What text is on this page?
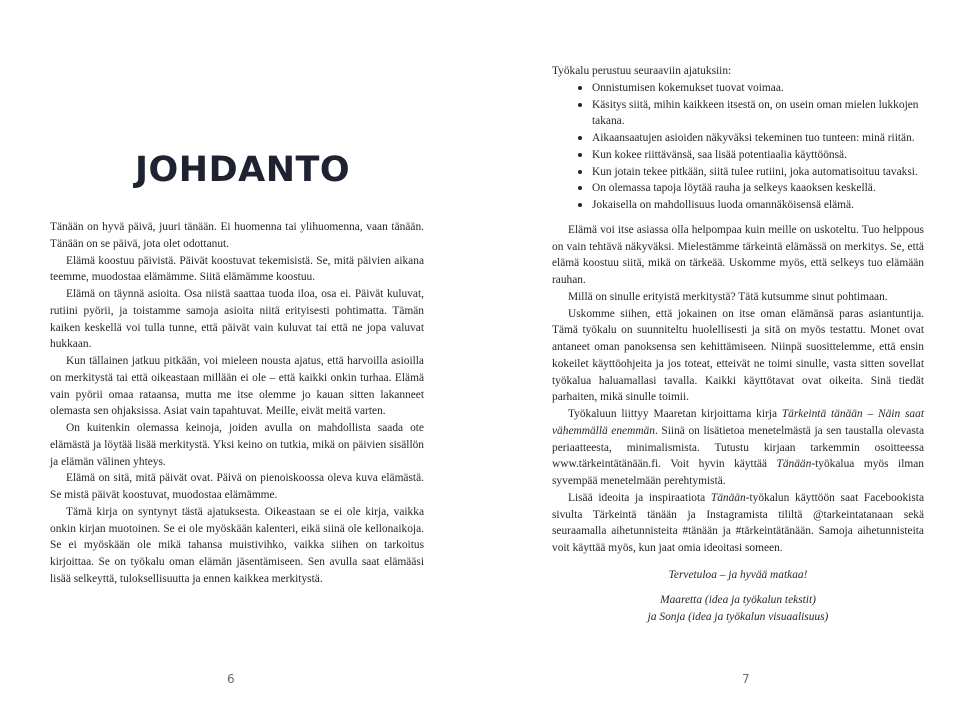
JOHDANTO

Tänään on hyvä päivä, juuri tänään. Ei huomenna tai ylihuomenna, vaan tänään. Tänään on se päivä, jota olet odottanut.

Elämä koostuu päivistä. Päivät koostuvat tekemisistä. Se, mitä päivien aikana teemme, muodostaa elämämme. Siitä elämämme koostuu.

Elämä on täynnä asioita. Osa niistä saattaa tuoda iloa, osa ei. Päivät kuluvat, rutiini pyörii, ja toistamme samoja asioita niitä erityisesti pohtimatta. Tämän kaiken keskellä voi tulla tunne, että päivät vain kuluvat tai että ne jopa valuvat hukkaan.

Kun tällainen jatkuu pitkään, voi mieleen nousta ajatus, että harvoilla asioilla on merkitystä tai että oikeastaan millään ei ole – että kaikki onkin turhaa. Elämä vain pyörii omaa rataansa, mutta me itse olemme jo kauan sitten lakanneet olemasta sen ohjaksissa. Asiat vain tapahtuvat. Meille, eivät meitä varten.

On kuitenkin olemassa keinoja, joiden avulla on mahdollista saada ote elämästä ja löytää lisää merkitystä. Yksi keino on tutkia, mikä on päivien sisällön ja elämän välinen yhteys.

Elämä on sitä, mitä päivät ovat. Päivä on pienoiskoossa oleva kuva elämästä. Se mistä päivät koostuvat, muodostaa elämämme.

Tämä kirja on syntynyt tästä ajatuksesta. Oikeastaan se ei ole kirja, vaikka onkin kirjan muotoinen. Se ei ole myöskään kalenteri, eikä siinä ole kellonaikoja. Se ei myöskään ole mikä tahansa muistivihko, vaikka siihen on tarkoitus kirjoittaa. Se on työkalu oman elämän jäsentämiseen. Sen avulla saat elämääsi lisää selkeyttä, tuloksellisuutta ja ennen kaikkea merkitystä.

6

Työkalu perustuu seuraaviin ajatuksiin:

Onnistumisen kokemukset tuovat voimaa.
Käsitys siitä, mihin kaikkeen itsestä on, on usein oman mielen lukkojen takana.
Aikaansaatujen asioiden näkyväksi tekeminen tuo tunteen: minä riitän.
Kun kokee riittävänsä, saa lisää potentiaalia käyttöönsä.
Kun jotain tekee pitkään, siitä tulee rutiini, joka automatisoituu tavaksi.
On olemassa tapoja löytää rauha ja selkeys kaaoksen keskellä.
Jokaisella on mahdollisuus luoda omannäköisensä elämä.

Elämä voi itse asiassa olla helpompaa kuin meille on uskoteltu. Tuo helppous on vain tehtävä näkyväksi. Mielestämme tärkeintä elämässä on merkitys. Se, että elämä koostuu siitä, mikä on tärkeää. Uskomme myös, että selkeys tuo elämään rauhan.

Millä on sinulle erityistä merkitystä? Tätä kutsumme sinut pohtimaan.

Uskomme siihen, että jokainen on itse oman elämänsä paras asiantuntija. Tämä työkalu on suunniteltu huolellisesti ja sitä on myös testattu. Monet ovat antaneet oman panoksensa sen kehittämiseen. Niinpä suosittelemme, että ensin kokeilet käyttöohjeita ja jos toteat, etteivät ne toimi sinulle, vasta sitten sovellat työkalua haluamallasi tavalla. Kaikki käyttötavat ovat oikeita. Sinä tiedät parhaiten, mikä sinulle toimii.

Työkaluun liittyy Maaretan kirjoittama kirja Tärkeintä tänään – Näin saat vähemmällä enemmän. Siinä on lisätietoa menetelmästä ja sen taustalla olevasta periaatteesta, minimalismista. Tutustu kirjaan tarkemmin osoitteessa www.tärkeintätänään.fi. Voit hyvin käyttää Tänään-työkalua myös ilman syvempää menetelmään perehtymistä.

Lisää ideoita ja inspiraatiota Tänään-työkalun käyttöön saat Facebookista sivulta Tärkeintä tänään ja Instagramista tililtä @tarkeintatanaan sekä seuraamalla aihetunnisteita #tänään ja #tärkeintätänään. Samoja aihetunnisteita voit käyttää myös, kun jaat omia ideoitasi someen.

Tervetuloa – ja hyvää matkaa!

Maaretta (idea ja työkalun tekstit)

ja Sonja (idea ja työkalun visuaalisuus)

7
